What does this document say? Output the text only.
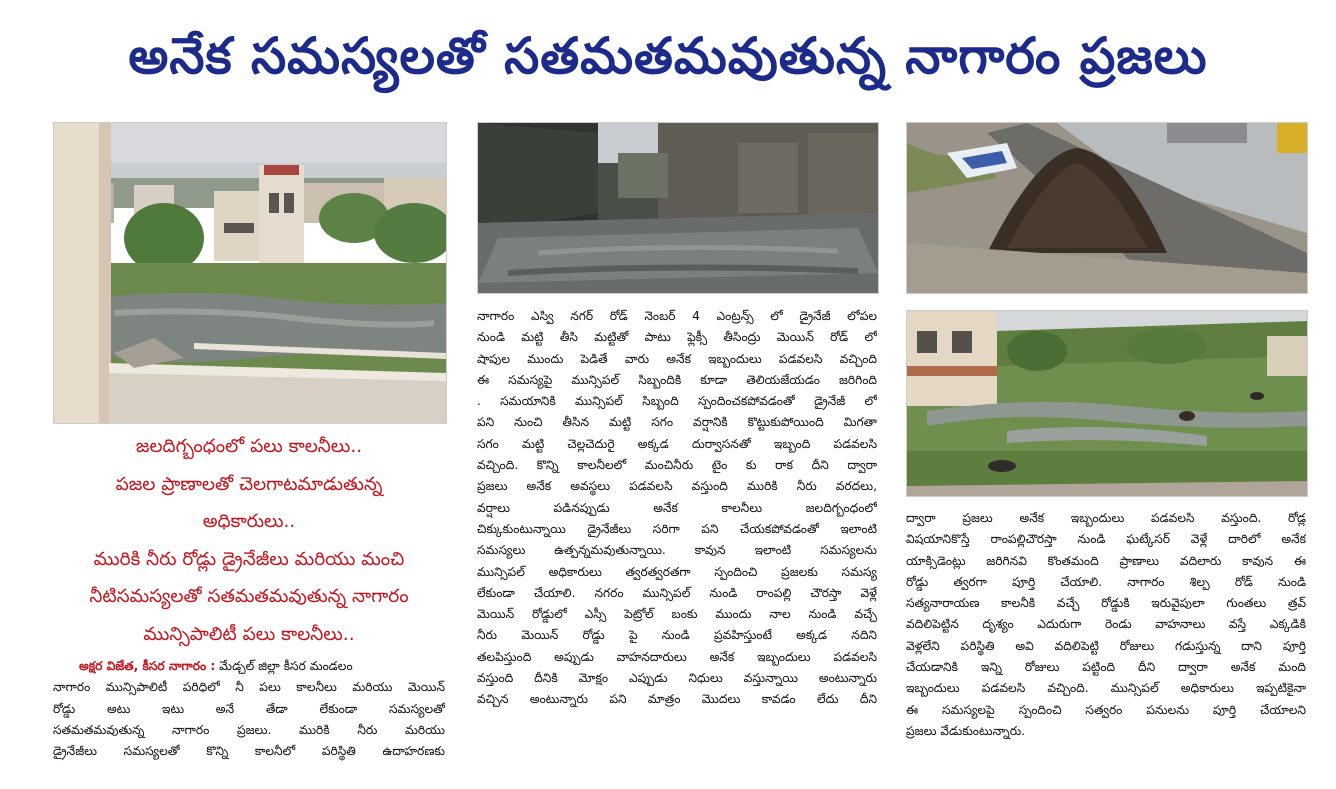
అనేక సమస్యలతో సతమతమవుతున్న నాగారం ప్రజలు
జలదిగ్బంధంలో పలు కాలనీలు..
పజల ప్రాణాలతో చెలగాటమాడుతున్న
అధికారులు..
మురికి నీరు రోడ్లు డ్రైనేజీలు మరియు మంచి
నీటిసమస్యలతో సతమతమవుతున్న నాగారం
మున్సిపాలిటీ పలు కాలనీలు..
అక్షర విజేత, కీసర నాగారం : మేడ్చల్ జిల్లా కీసర మండలం
నాగారం మున్సిపాలిటీ పరిధిలో నీ పలు కాలనీలు మరియు మెయిన్
రోడ్డు అటు ఇటు అనే తేడా లేకుండా సమస్యలతో
సతమతమవుతున్న నాగారం ప్రజలు. మురికి నీరు మరియు
డ్రైనేజీలు సమస్యలతో కొన్ని కాలనీలో పరిస్థితి ఉదాహరణకు
నాగారం ఎస్వి నగర్ రోడ్ నెంబర్ 4 ఎంట్రన్స్ లో డ్రైనేజీ లోపల
నుండి మట్టి తీసి మట్టితో పాటు ఫ్లెక్సీ తీసింద్రు మెయిన్ రోడ్ లో
షాపుల ముందు పెడితే వారు అనేక ఇబ్బందులు పడవలసి వచ్చింది
ఈ సమస్యపై మున్సిపల్ సిబ్బందికి కూడా తెలియజేయడం జరిగింది
. సమయానికి మున్సిపల్ సిబ్బంది స్పందించకపోవడంతో డ్రైనేజీ లో
పని నుంచి తీసిన మట్టి సగం వర్షానికి కొట్టుకుపోయింది మిగతా
సగం మట్టి చెల్లచెదురై అక్కడ దుర్వాసనతో ఇబ్బంది పడవలసి
వచ్చింది. కొన్ని కాలనీలలో మంచినీరు టైం కు రాక దీని ద్వారా
ప్రజలు అనేక అవస్థలు పడవలసి వస్తుంది మురికి నీరు వరదలు,
వర్షాలు పడినప్పుడు అనేక కాలనీలు జలదిగ్బంధంలో
చిక్కుకుంటున్నాయి డ్రైనేజీలు సరిగా పని చేయకపోవడంతో ఇలాంటి
సమస్యలు ఉత్పన్నమవుతున్నాయి. కావున ఇలాంటి సమస్యలను
మున్సిపల్ అధికారులు త్వరత్వరతగా స్పందించి ప్రజలకు సమస్య
లేకుండా చేయాలి. నగరం మున్సిపల్ నుండి రాంపల్లి చౌరస్తా వెళ్లే
మెయిన్ రోడ్డులో ఎస్సీ పెట్రోల్ బంకు ముందు నాల నుండి వచ్చే
నీరు మెయిన్ రోడ్డు పై నుండి ప్రవహిస్తుంటే అక్కడ నదిని
తలపిస్తుంది అప్పుడు వాహనదారులు అనేక ఇబ్బందులు పడవలసి
వస్తుంది దీనికి మోక్షం ఎప్పుడు నిధులు వస్తున్నాయి అంటున్నారు
వచ్చిన అంటున్నారు పని మాత్రం మొదలు కావడం లేదు దీని
ద్వారా ప్రజలు అనేక ఇబ్బందులు పడవలసి వస్తుంది. రోడ్ల
విషయానికొస్తే రాంపల్లిచౌరస్తా నుండి ఘట్కేసర్ వెళ్లే దారిలో అనేక
యాక్సిడెంట్లు జరిగినవి కొంతమంది ప్రాణాలు వదిలారు కావున ఈ
రోడ్డు త్వరగా పూర్తి చేయాలి. నాగారం శిల్ప రోడ్ నుండి
సత్యనారాయణ కాలనీకి వచ్చే రోడ్డుకి ఇరువైపులా గుంతలు త్రవ్
వదిలిపెట్టిన దృశ్యం ఎదురుగా రెండు వాహనాలు వస్తే ఎక్కడికి
వెళ్లలేని పరిస్థితి అవి వదిలిపెట్టి రోజులు గడుస్తున్న దాని పూర్తి
చేయడానికి ఇన్ని రోజులు పట్టింది దీని ద్వారా అనేక మంది
ఇబ్బందులు పడవలసి వచ్చింది. మున్సిపల్ అధికారులు ఇప్పటికైనా
ఈ సమస్యలపై స్పందించి సత్వరం పనులను పూర్తి చేయాలని
ప్రజలు వేడుకుంటున్నారు.
